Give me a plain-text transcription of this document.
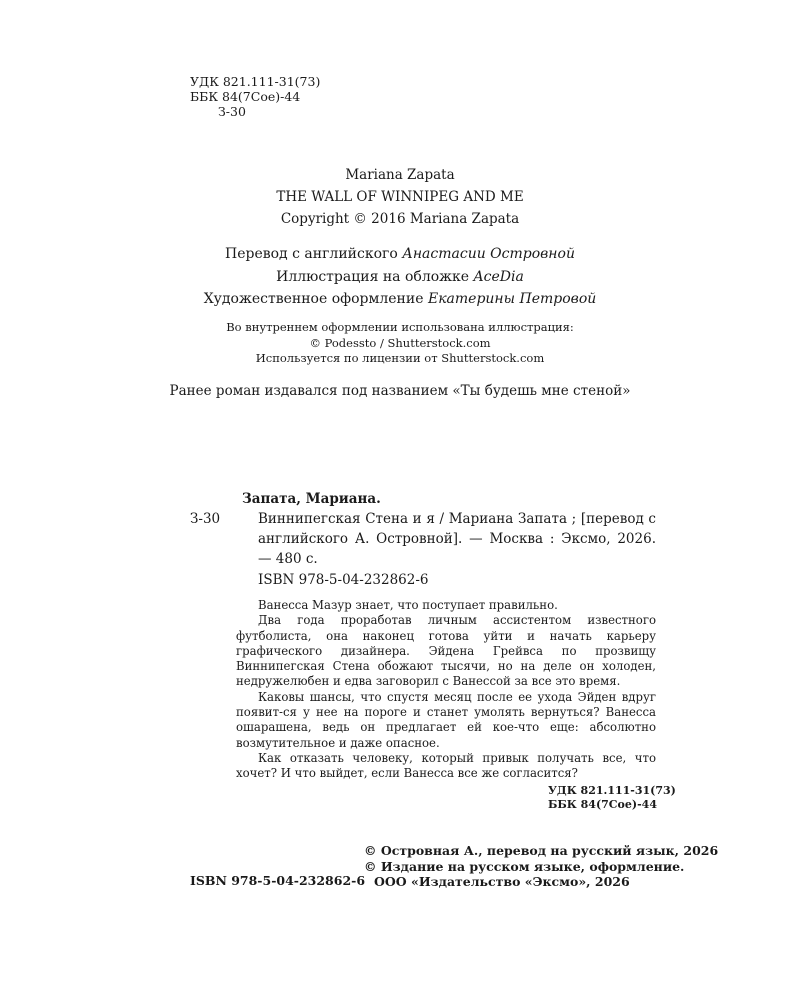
УДК 821.111-31(73)
ББК 84(7Сое)-44
З-30
Mariana Zapata
THE WALL OF WINNIPEG AND ME
Copyright © 2016 Mariana Zapata
Перевод с английского Анастасии Островной
Иллюстрация на обложке AceDia
Художественное оформление Екатерины Петровой
Во внутреннем оформлении использована иллюстрация:
© Podessto / Shutterstock.com
Используется по лицензии от Shutterstock.com
Ранее роман издавался под названием «Ты будешь мне стеной»
Запата, Мариана.
З-30	Виннипегская Стена и я / Мариана Запата ; [перевод с английского А. Островной]. — Москва : Эксмо, 2026. — 480 с.
ISBN 978-5-04-232862-6

Ванесса Мазур знает, что поступает правильно.

Два года проработав личным ассистентом известного футболиста, она наконец готова уйти и начать карьеру графического дизайнера. Эйдена Грейвса по прозвищу Виннипегская Стена обожают тысячи, но на деле он холоден, недружелюбен и едва заговорил с Ванессой за все это время.

Каковы шансы, что спустя месяц после ее ухода Эйден вдруг появит-ся у нее на пороге и станет умолять вернуться? Ванесса ошарашена, ведь он предлагает ей кое-что еще: абсолютно возмутительное и даже опасное.

Как отказать человеку, который привык получать все, что хочет? И что выйдет, если Ванесса все же согласится?

УДК 821.111-31(73)
ББК 84(7Сое)-44
© Островная А., перевод на русский язык, 2026
© Издание на русском языке, оформление.
ООО «Издательство «Эксмо», 2026
ISBN 978-5-04-232862-6
